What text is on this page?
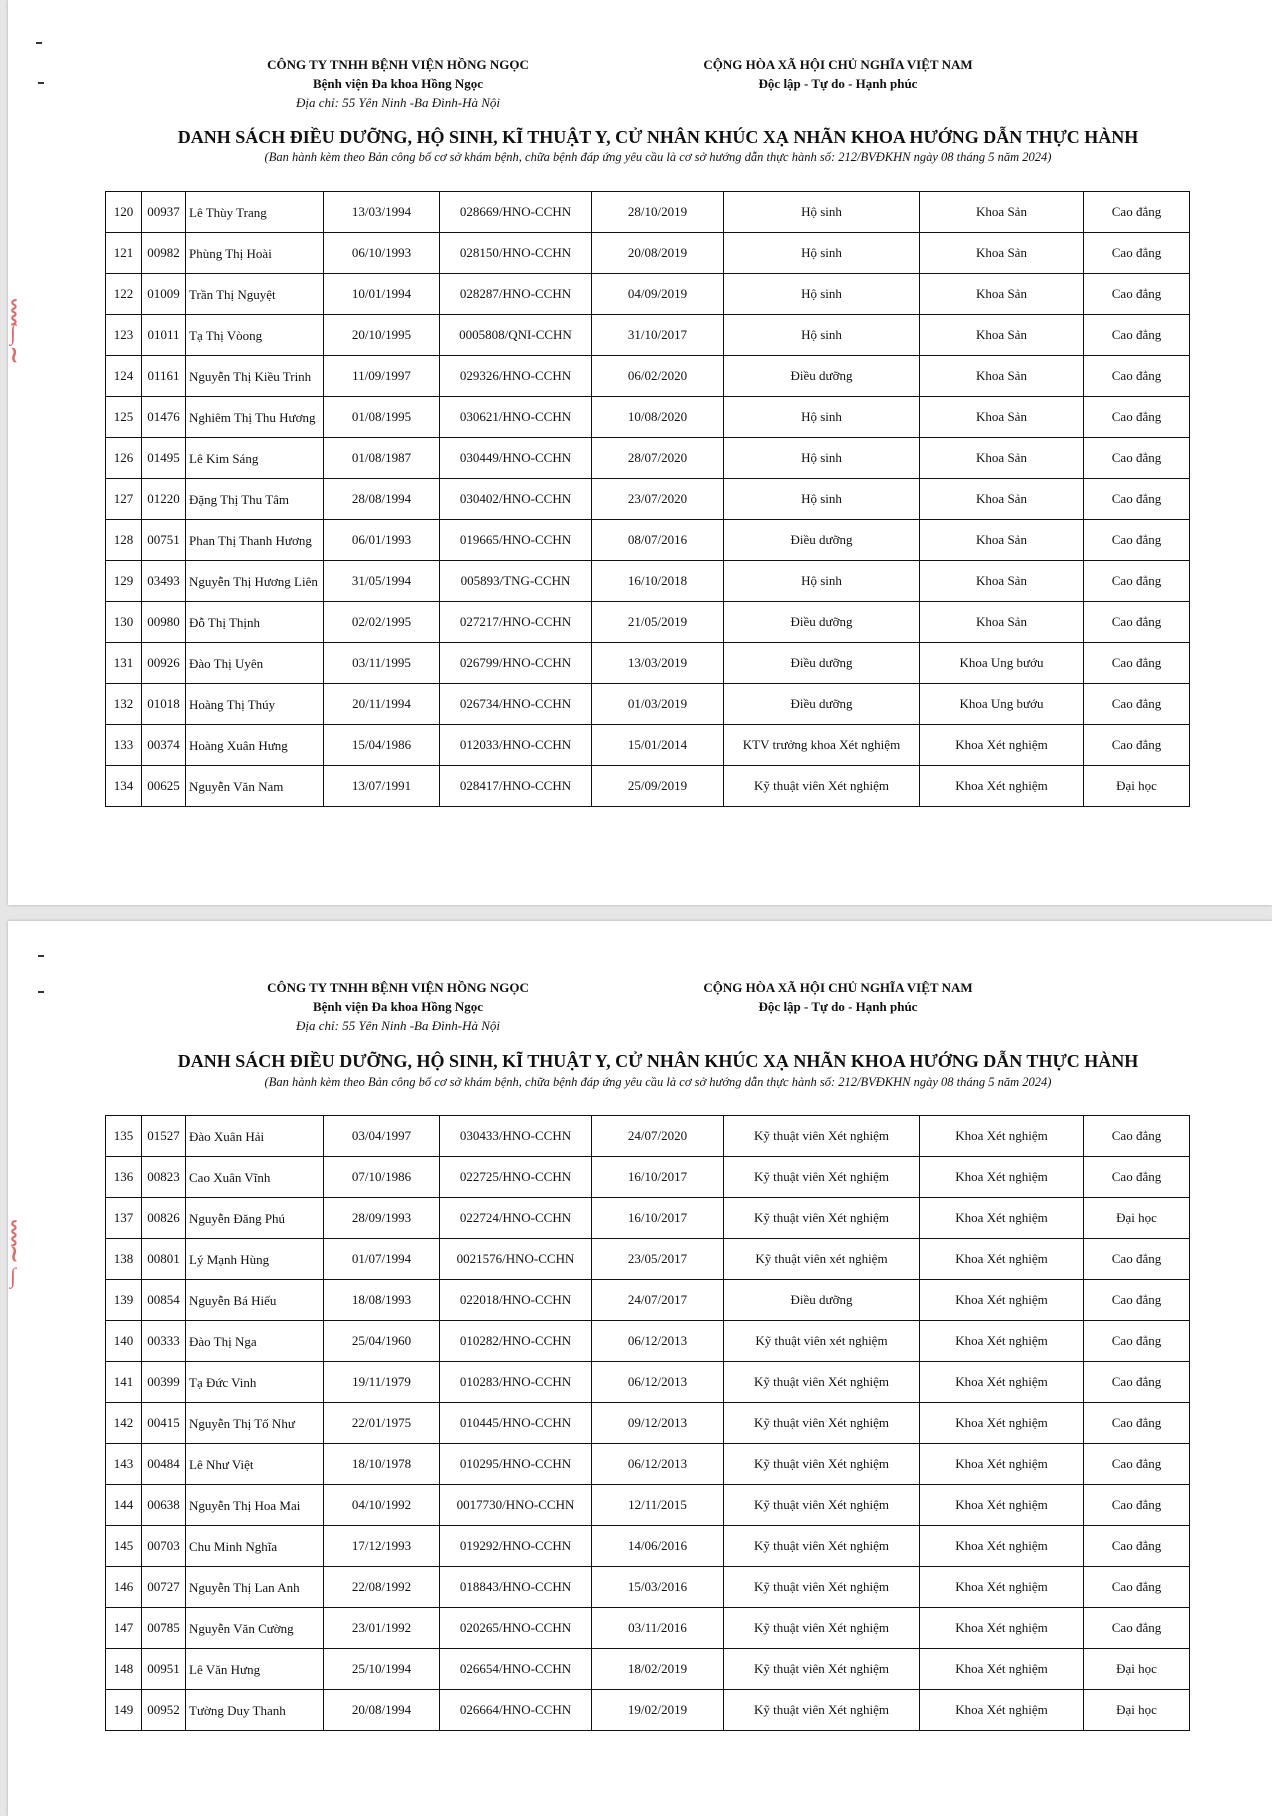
⸾
∫
≀
CÔNG TY TNHH BỆNH VIỆN HỒNG NGỌC
Bệnh viện Đa khoa Hồng Ngọc
Địa chỉ: 55 Yên Ninh -Ba Đình-Hà Nội
CỘNG HÒA XÃ HỘI CHỦ NGHĨA VIỆT NAM
Độc lập - Tự do - Hạnh phúc
DANH SÁCH ĐIỀU DƯỠNG, HỘ SINH, KĨ THUẬT Y, CỬ NHÂN KHÚC XẠ NHÃN KHOA HƯỚNG DẪN THỰC HÀNH
(Ban hành kèm theo Bản công bố cơ sở khám bệnh, chữa bệnh đáp ứng yêu cầu là cơ sở hướng dẫn thực hành số: 212/BVĐKHN ngày 08 tháng 5 năm 2024)
120	00937	Lê Thùy Trang	13/03/1994	028669/HNO-CCHN	28/10/2019	Hộ sinh	Khoa Sản	Cao đẳng
121	00982	Phùng Thị Hoài	06/10/1993	028150/HNO-CCHN	20/08/2019	Hộ sinh	Khoa Sản	Cao đẳng
122	01009	Trần Thị Nguyệt	10/01/1994	028287/HNO-CCHN	04/09/2019	Hộ sinh	Khoa Sản	Cao đẳng
123	01011	Tạ Thị Vòong	20/10/1995	0005808/QNI-CCHN	31/10/2017	Hộ sinh	Khoa Sản	Cao đẳng
124	01161	Nguyễn Thị Kiều Trinh	11/09/1997	029326/HNO-CCHN	06/02/2020	Điều dưỡng	Khoa Sản	Cao đẳng
125	01476	Nghiêm Thị Thu Hương	01/08/1995	030621/HNO-CCHN	10/08/2020	Hộ sinh	Khoa Sản	Cao đẳng
126	01495	Lê Kim Sáng	01/08/1987	030449/HNO-CCHN	28/07/2020	Hộ sinh	Khoa Sản	Cao đẳng
127	01220	Đặng Thị Thu Tâm	28/08/1994	030402/HNO-CCHN	23/07/2020	Hộ sinh	Khoa Sản	Cao đẳng
128	00751	Phan Thị Thanh Hương	06/01/1993	019665/HNO-CCHN	08/07/2016	Điều dưỡng	Khoa Sản	Cao đẳng
129	03493	Nguyễn Thị Hương Liên	31/05/1994	005893/TNG-CCHN	16/10/2018	Hộ sinh	Khoa Sản	Cao đẳng
130	00980	Đỗ Thị Thịnh	02/02/1995	027217/HNO-CCHN	21/05/2019	Điều dưỡng	Khoa Sản	Cao đẳng
131	00926	Đào Thị Uyên	03/11/1995	026799/HNO-CCHN	13/03/2019	Điều dưỡng	Khoa Ung bướu	Cao đẳng
132	01018	Hoàng Thị Thúy	20/11/1994	026734/HNO-CCHN	01/03/2019	Điều dưỡng	Khoa Ung bướu	Cao đẳng
133	00374	Hoàng Xuân Hưng	15/04/1986	012033/HNO-CCHN	15/01/2014	KTV trưởng khoa Xét nghiệm	Khoa Xét nghiệm	Cao đẳng
134	00625	Nguyễn Văn Nam	13/07/1991	028417/HNO-CCHN	25/09/2019	Kỹ thuật viên Xét nghiệm	Khoa Xét nghiệm	Đại học
⸾
≀
∫
CÔNG TY TNHH BỆNH VIỆN HỒNG NGỌC
Bệnh viện Đa khoa Hồng Ngọc
Địa chỉ: 55 Yên Ninh -Ba Đình-Hà Nội
CỘNG HÒA XÃ HỘI CHỦ NGHĨA VIỆT NAM
Độc lập - Tự do - Hạnh phúc
DANH SÁCH ĐIỀU DƯỠNG, HỘ SINH, KĨ THUẬT Y, CỬ NHÂN KHÚC XẠ NHÃN KHOA HƯỚNG DẪN THỰC HÀNH
(Ban hành kèm theo Bản công bố cơ sở khám bệnh, chữa bệnh đáp ứng yêu cầu là cơ sở hướng dẫn thực hành số: 212/BVĐKHN ngày 08 tháng 5 năm 2024)
135	01527	Đào Xuân Hải	03/04/1997	030433/HNO-CCHN	24/07/2020	Kỹ thuật viên Xét nghiệm	Khoa Xét nghiệm	Cao đẳng
136	00823	Cao Xuân Vĩnh	07/10/1986	022725/HNO-CCHN	16/10/2017	Kỹ thuật viên Xét nghiệm	Khoa Xét nghiệm	Cao đẳng
137	00826	Nguyễn Đăng Phú	28/09/1993	022724/HNO-CCHN	16/10/2017	Kỹ thuật viên Xét nghiệm	Khoa Xét nghiệm	Đại học
138	00801	Lý Mạnh Hùng	01/07/1994	0021576/HNO-CCHN	23/05/2017	Kỹ thuật viên xét nghiệm	Khoa Xét nghiệm	Cao đẳng
139	00854	Nguyễn Bá Hiếu	18/08/1993	022018/HNO-CCHN	24/07/2017	Điều dưỡng	Khoa Xét nghiệm	Cao đẳng
140	00333	Đào Thị Nga	25/04/1960	010282/HNO-CCHN	06/12/2013	Kỹ thuật viên xét nghiệm	Khoa Xét nghiệm	Cao đẳng
141	00399	Tạ Đức Vinh	19/11/1979	010283/HNO-CCHN	06/12/2013	Kỹ thuật viên Xét nghiệm	Khoa Xét nghiệm	Cao đẳng
142	00415	Nguyễn Thị Tố Như	22/01/1975	010445/HNO-CCHN	09/12/2013	Kỹ thuật viên Xét nghiệm	Khoa Xét nghiệm	Cao đẳng
143	00484	Lê Như Việt	18/10/1978	010295/HNO-CCHN	06/12/2013	Kỹ thuật viên Xét nghiệm	Khoa Xét nghiệm	Cao đẳng
144	00638	Nguyễn Thị Hoa Mai	04/10/1992	0017730/HNO-CCHN	12/11/2015	Kỹ thuật viên Xét nghiệm	Khoa Xét nghiệm	Cao đẳng
145	00703	Chu Minh Nghĩa	17/12/1993	019292/HNO-CCHN	14/06/2016	Kỹ thuật viên Xét nghiệm	Khoa Xét nghiệm	Cao đẳng
146	00727	Nguyễn Thị Lan Anh	22/08/1992	018843/HNO-CCHN	15/03/2016	Kỹ thuật viên Xét nghiệm	Khoa Xét nghiệm	Cao đẳng
147	00785	Nguyễn Văn Cường	23/01/1992	020265/HNO-CCHN	03/11/2016	Kỹ thuật viên Xét nghiệm	Khoa Xét nghiệm	Cao đẳng
148	00951	Lê Văn Hưng	25/10/1994	026654/HNO-CCHN	18/02/2019	Kỹ thuật viên Xét nghiệm	Khoa Xét nghiệm	Đại học
149	00952	Tường Duy Thanh	20/08/1994	026664/HNO-CCHN	19/02/2019	Kỹ thuật viên Xét nghiệm	Khoa Xét nghiệm	Đại học
